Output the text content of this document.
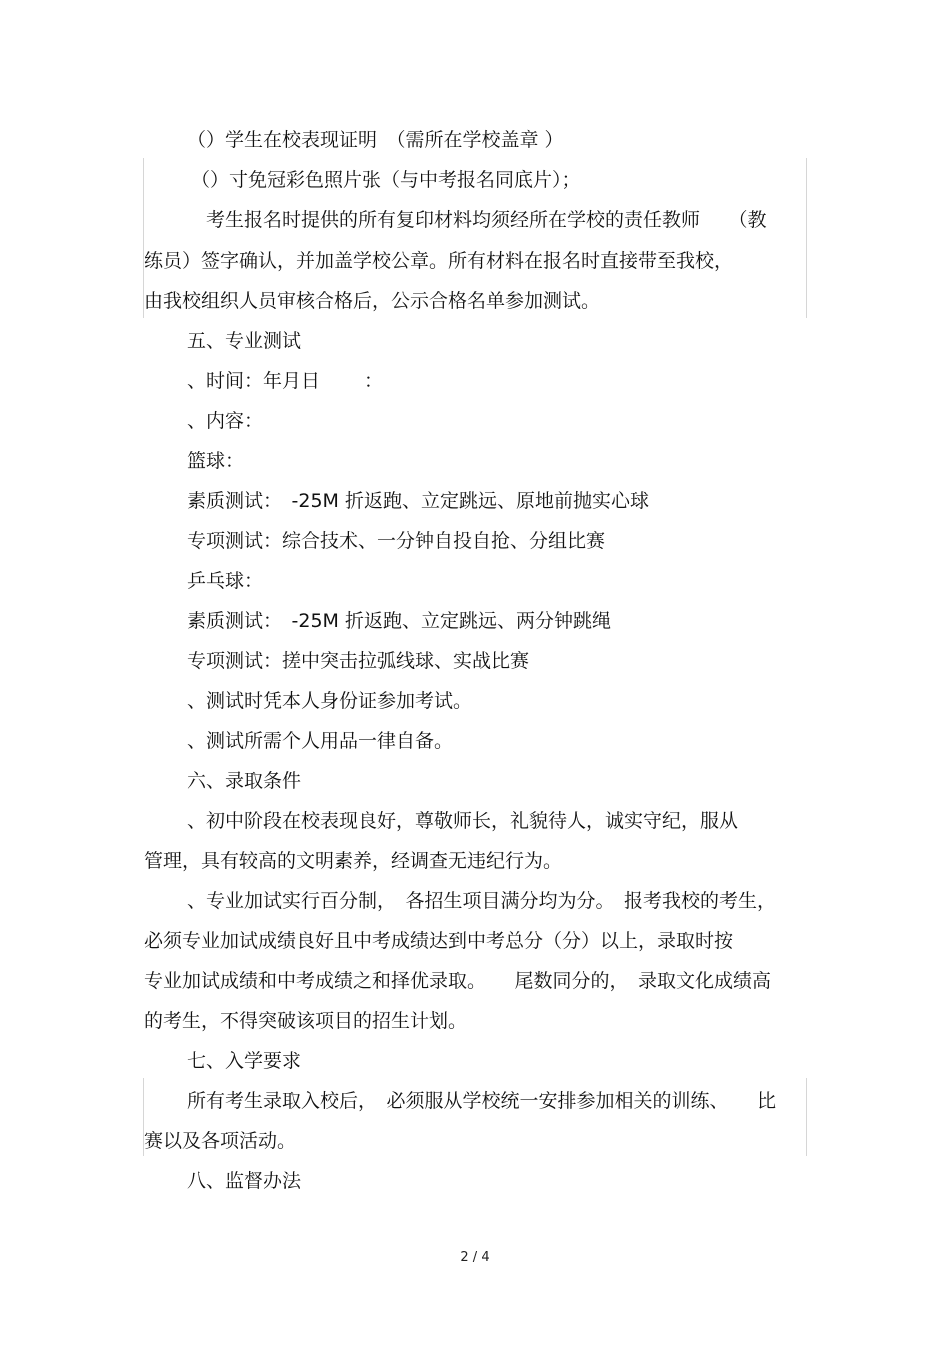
（）学生在校表现证明　（需所在学校盖章 ）
（）寸免冠彩色照片张（与中考报名同底片）；
考生报名时提供的所有复印材料均须经所在学校的责任教师　　（教
练员）签字确认，并加盖学校公章。所有材料在报名时直接带至我校，
由我校组织人员审核合格后，公示合格名单参加测试。
五、专业测试
、时间：年月日　　 ：
、内容：
篮球：
素质测试：　-25M 折返跑、立定跳远、原地前抛实心球
专项测试：综合技术、一分钟自投自抢、分组比赛
乒乓球：
素质测试：　-25M 折返跑、立定跳远、两分钟跳绳
专项测试：搓中突击拉弧线球、实战比赛
、测试时凭本人身份证参加考试。
、测试所需个人用品一律自备。
六、录取条件
、初中阶段在校表现良好，尊敬师长，礼貌待人，诚实守纪，服从
管理，具有较高的文明素养，经调查无违纪行为。
、专业加试实行百分制，　各招生项目满分均为分。　报考我校的考生，
必须专业加试成绩良好且中考成绩达到中考总分（分）以上，录取时按
专业加试成绩和中考成绩之和择优录取。　　尾数同分的，　录取文化成绩高
的考生，不得突破该项目的招生计划。
七、入学要求
所有考生录取入校后，　必须服从学校统一安排参加相关的训练、　　比
赛以及各项活动。
八、监督办法
2 / 4
